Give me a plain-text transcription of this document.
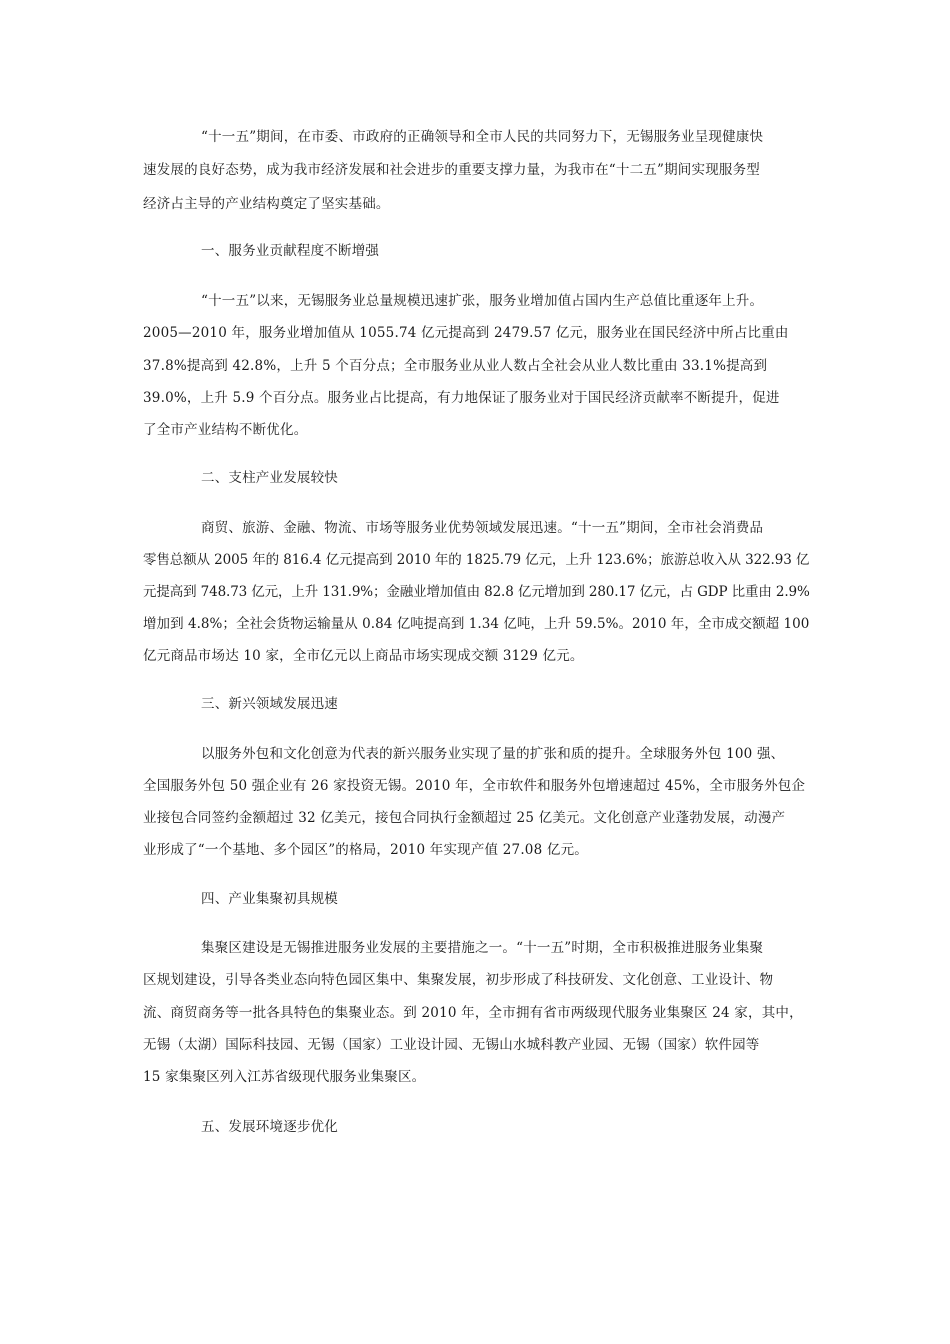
“十一五”期间，在市委、市政府的正确领导和全市人民的共同努力下，无锡服务业呈现健康快
速发展的良好态势，成为我市经济发展和社会进步的重要支撑力量，为我市在“十二五”期间实现服务型
经济占主导的产业结构奠定了坚实基础。
一、服务业贡献程度不断增强
“十一五”以来，无锡服务业总量规模迅速扩张，服务业增加值占国内生产总值比重逐年上升。
2005—2010 年，服务业增加值从 1055.74 亿元提高到 2479.57 亿元，服务业在国民经济中所占比重由
37.8%提高到 42.8%，上升 5 个百分点；全市服务业从业人数占全社会从业人数比重由 33.1%提高到
39.0%，上升 5.9 个百分点。服务业占比提高，有力地保证了服务业对于国民经济贡献率不断提升，促进
了全市产业结构不断优化。
二、支柱产业发展较快
商贸、旅游、金融、物流、市场等服务业优势领域发展迅速。“十一五”期间，全市社会消费品
零售总额从 2005 年的 816.4 亿元提高到 2010 年的 1825.79 亿元，上升 123.6%；旅游总收入从 322.93 亿
元提高到 748.73 亿元，上升 131.9%；金融业增加值由 82.8 亿元增加到 280.17 亿元，占 GDP 比重由 2.9%
增加到 4.8%；全社会货物运输量从 0.84 亿吨提高到 1.34 亿吨，上升 59.5%。2010 年，全市成交额超 100
亿元商品市场达 10 家，全市亿元以上商品市场实现成交额 3129 亿元。
三、新兴领域发展迅速
以服务外包和文化创意为代表的新兴服务业实现了量的扩张和质的提升。全球服务外包 100 强、
全国服务外包 50 强企业有 26 家投资无锡。2010 年，全市软件和服务外包增速超过 45%，全市服务外包企
业接包合同签约金额超过 32 亿美元，接包合同执行金额超过 25 亿美元。文化创意产业蓬勃发展，动漫产
业形成了“一个基地、多个园区”的格局，2010 年实现产值 27.08 亿元。
四、产业集聚初具规模
集聚区建设是无锡推进服务业发展的主要措施之一。“十一五”时期，全市积极推进服务业集聚
区规划建设，引导各类业态向特色园区集中、集聚发展，初步形成了科技研发、文化创意、工业设计、物
流、商贸商务等一批各具特色的集聚业态。到 2010 年，全市拥有省市两级现代服务业集聚区 24 家，其中，
无锡（太湖）国际科技园、无锡（国家）工业设计园、无锡山水城科教产业园、无锡（国家）软件园等
15 家集聚区列入江苏省级现代服务业集聚区。
五、发展环境逐步优化
